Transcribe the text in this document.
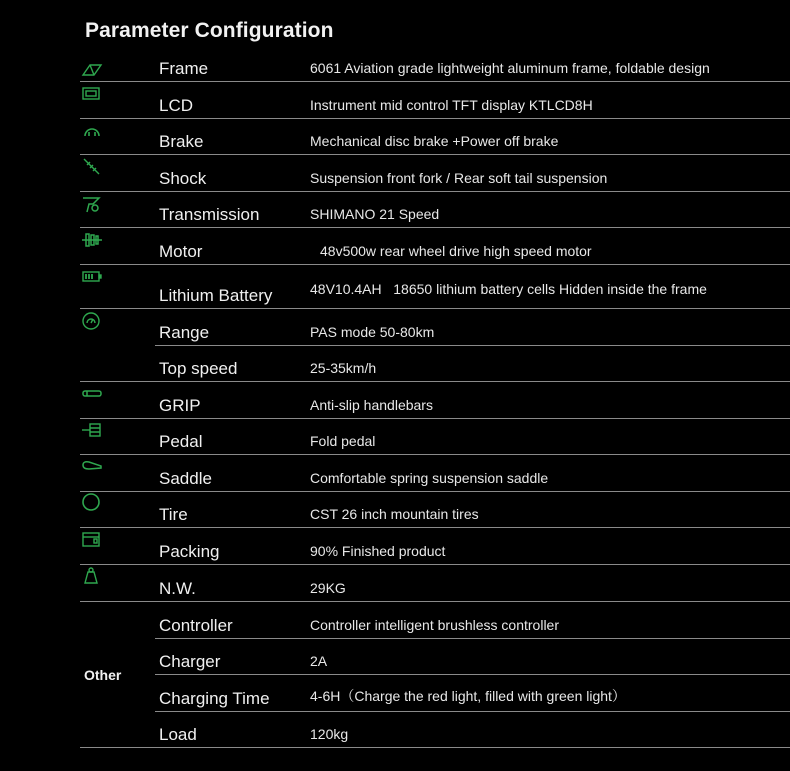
Parameter Configuration
Frame	6061 Aviation grade lightweight aluminum frame, foldable design
LCD	Instrument mid control TFT display KTLCD8H
Brake	Mechanical disc brake +Power off brake
Shock	Suspension front fork / Rear soft tail suspension
Transmission	SHIMANO 21 Speed
Motor	48v500w rear wheel drive high speed motor
Lithium Battery	48V10.4AH   18650 lithium battery cells Hidden inside the frame
Range	PAS mode 50-80km
Top speed	25-35km/h
GRIP	Anti-slip handlebars
Pedal	Fold pedal
Saddle	Comfortable spring suspension saddle
Tire	CST 26 inch mountain tires
Packing	90% Finished product
N.W.	29KG
Other
Controller	Controller intelligent brushless controller
Charger	2A
Charging Time	4-6H（Charge the red light, filled with green light）
Load	120kg
